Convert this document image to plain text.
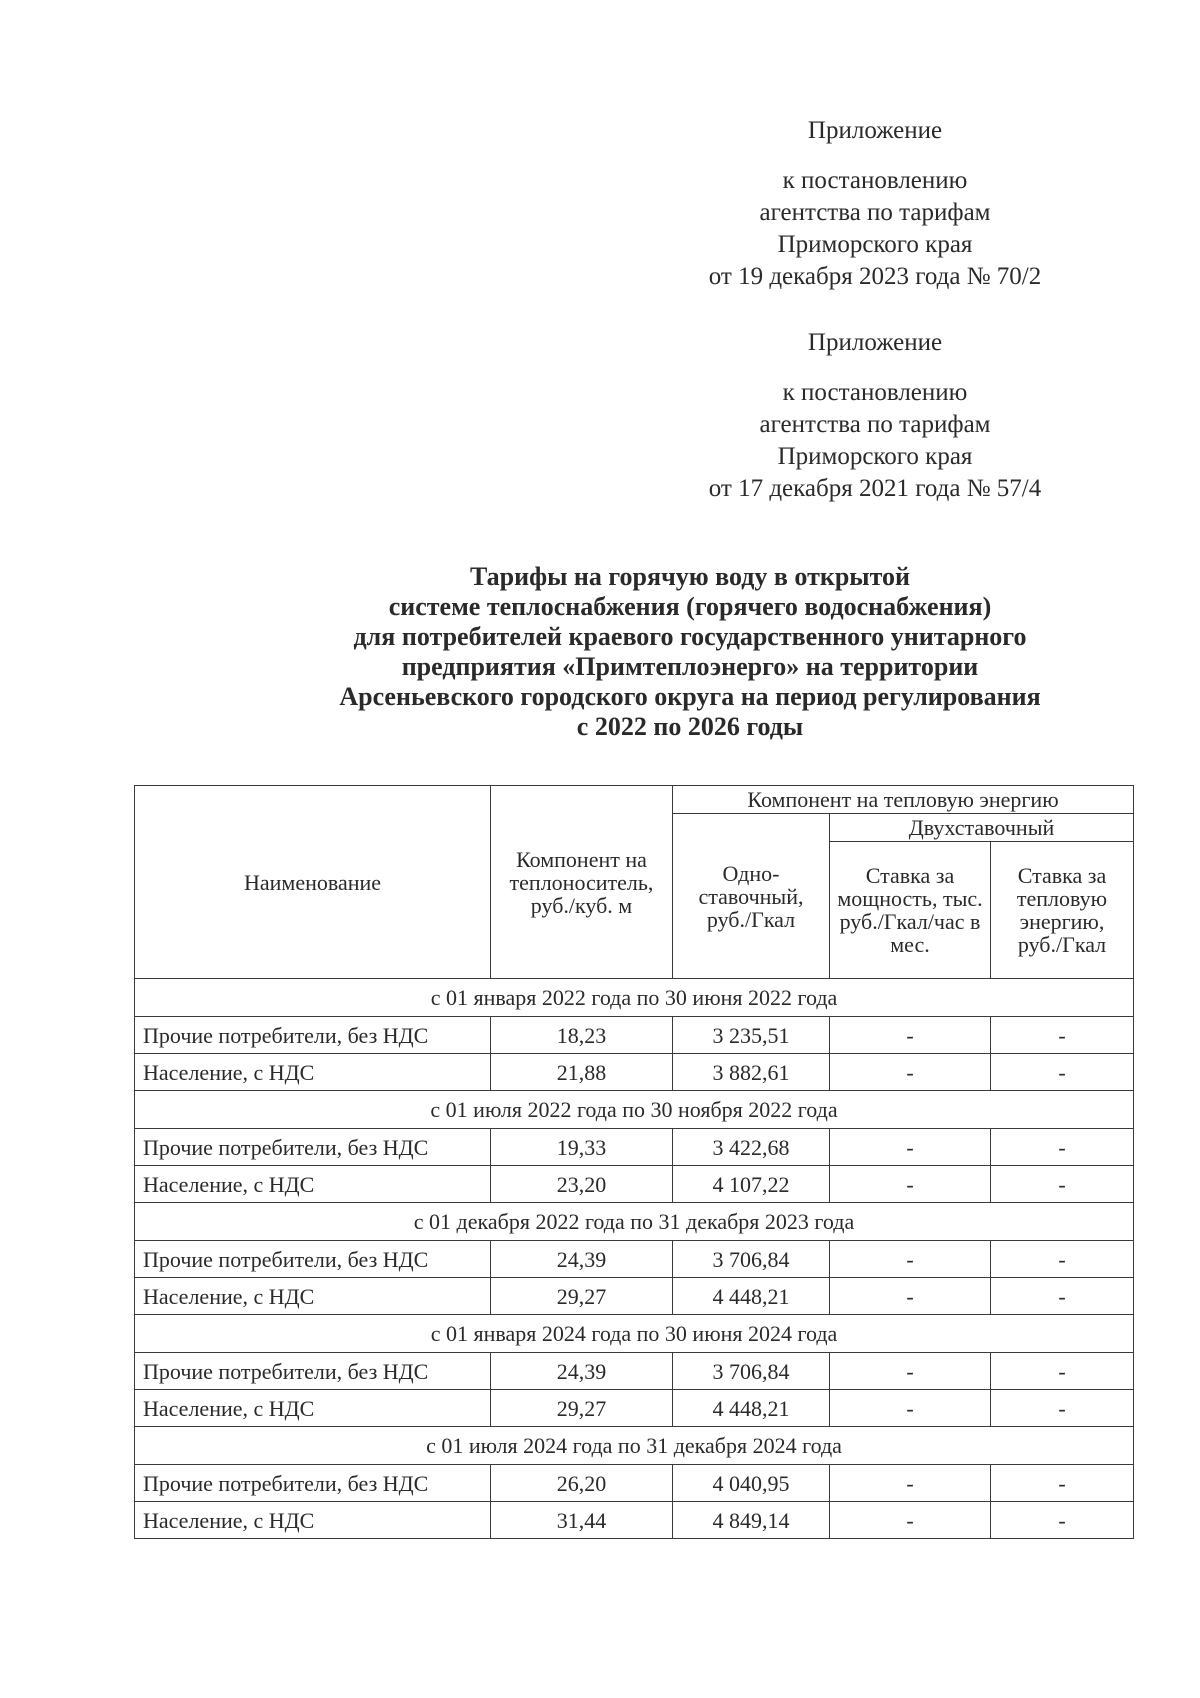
Приложение
к постановлению
агентства по тарифам
Приморского края
от 19 декабря 2023 года № 70/2
Приложение
к постановлению
агентства по тарифам
Приморского края
от 17 декабря 2021 года № 57/4
Тарифы на горячую воду в открытой
системе теплоснабжения (горячего водоснабжения)
для потребителей краевого государственного унитарного
предприятия «Примтеплоэнерго» на территории
Арсеньевского городского округа на период регулирования
с 2022 по 2026 годы
Наименование	Компонент на теплоноситель, руб./куб. м	Компонент на тепловую энергию		
		Одно-ставочный, руб./Гкал	Двухставочный	
			Ставка за мощность, тыс. руб./Гкал/час в мес.	Ставка за тепловую энергию, руб./Гкал
с 01 января 2022 года по 30 июня 2022 года				
Прочие потребители, без НДС	18,23	3 235,51	-	-
Население, с НДС	21,88	3 882,61	-	-
с 01 июля 2022 года по 30 ноября 2022 года				
Прочие потребители, без НДС	19,33	3 422,68	-	-
Население, с НДС	23,20	4 107,22	-	-
с 01 декабря 2022 года по 31 декабря 2023 года				
Прочие потребители, без НДС	24,39	3 706,84	-	-
Население, с НДС	29,27	4 448,21	-	-
с 01 января 2024 года по 30 июня 2024 года				
Прочие потребители, без НДС	24,39	3 706,84	-	-
Население, с НДС	29,27	4 448,21	-	-
с 01 июля 2024 года по 31 декабря 2024 года				
Прочие потребители, без НДС	26,20	4 040,95	-	-
Население, с НДС	31,44	4 849,14	-	-
